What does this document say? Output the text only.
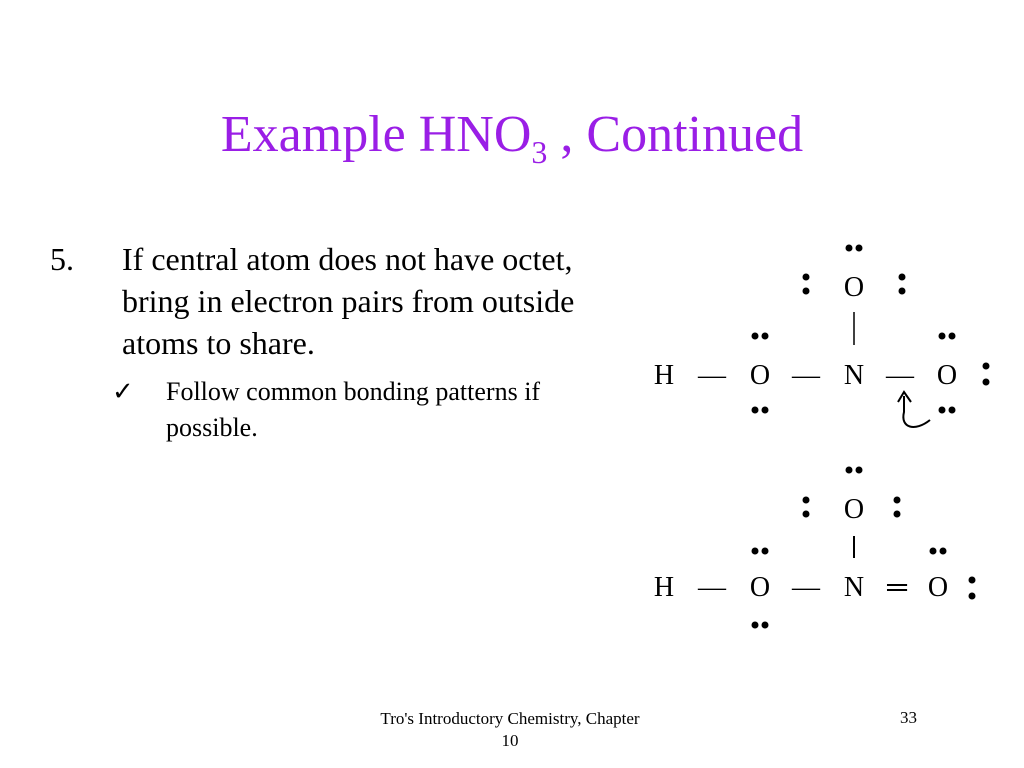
Example $HNO_3$ , Continued
5. If central atom does not have octet, bring in electron pairs from outside atoms to share.
✓ Follow common bonding patterns if possible.
H — O — N — O
O
H — O — N ═ O
O
Tro's Introductory Chemistry, Chapter 10
33
